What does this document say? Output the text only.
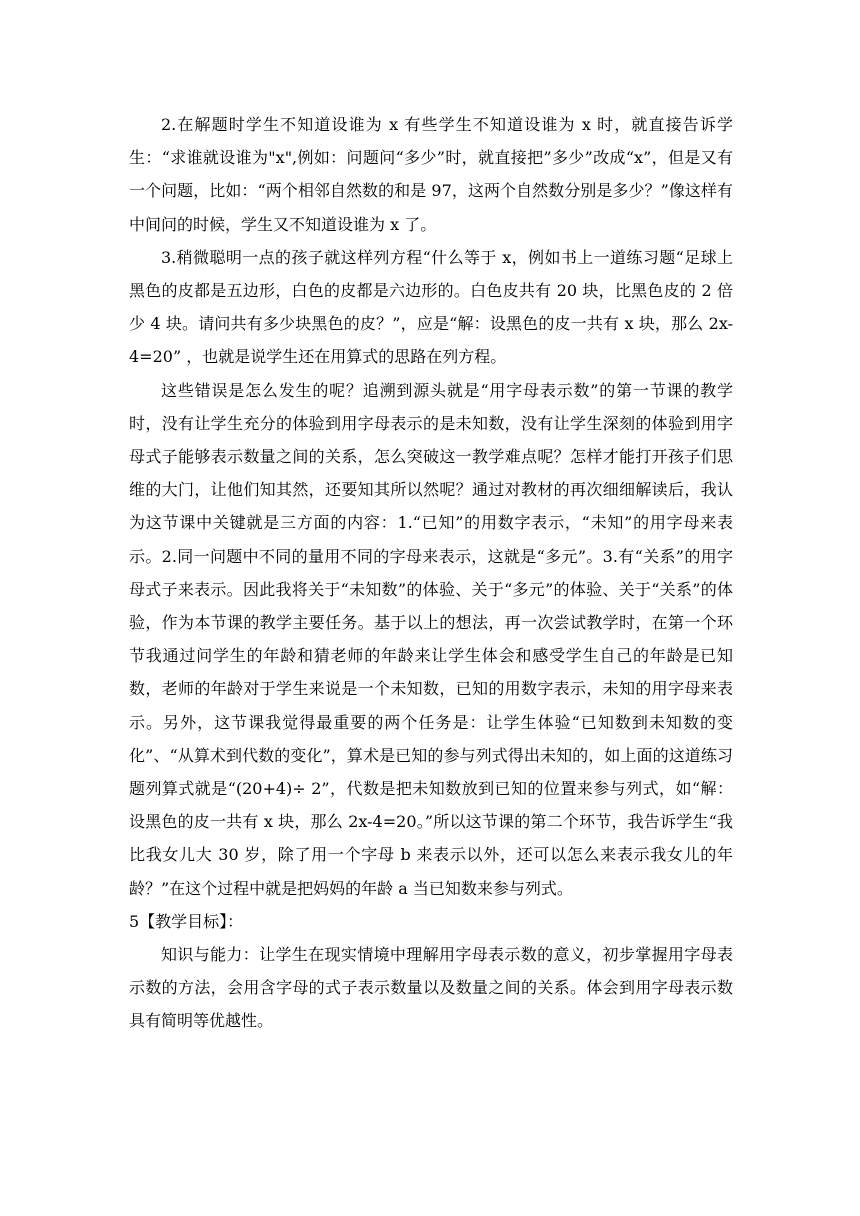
2.在解题时学生不知道设谁为 x 有些学生不知道设谁为 x 时，就直接告诉学生：“求谁就设谁为"x",例如：问题问“多少”时，就直接把”多少”改成“x”，但是又有一个问题，比如：“两个相邻自然数的和是 97，这两个自然数分别是多少？”像这样有中间问的时候，学生又不知道设谁为 x 了。

3.稍微聪明一点的孩子就这样列方程“什么等于 x，例如书上一道练习题“足球上黑色的皮都是五边形，白色的皮都是六边形的。白色皮共有 20 块，比黑色皮的 2 倍少 4 块。请问共有多少块黑色的皮？”，应是“解：设黑色的皮一共有 x 块，那么 2x-4=20” ，也就是说学生还在用算式的思路在列方程。

这些错误是怎么发生的呢？追溯到源头就是“用字母表示数”的第一节课的教学时，没有让学生充分的体验到用字母表示的是未知数，没有让学生深刻的体验到用字母式子能够表示数量之间的关系，怎么突破这一教学难点呢？怎样才能打开孩子们思维的大门，让他们知其然，还要知其所以然呢？通过对教材的再次细细解读后，我认为这节课中关键就是三方面的内容：1.“已知”的用数字表示，“未知”的用字母来表示。2.同一问题中不同的量用不同的字母来表示，这就是“多元”。3.有“关系”的用字母式子来表示。因此我将关于“未知数”的体验、关于“多元”的体验、关于“关系”的体验，作为本节课的教学主要任务。基于以上的想法，再一次尝试教学时，在第一个环节我通过问学生的年龄和猜老师的年龄来让学生体会和感受学生自己的年龄是已知数，老师的年龄对于学生来说是一个未知数，已知的用数字表示，未知的用字母来表示。另外，这节课我觉得最重要的两个任务是：让学生体验“已知数到未知数的变化”、“从算术到代数的变化”，算术是已知的参与列式得出未知的，如上面的这道练习题列算式就是“(20+4)÷ 2”，代数是把未知数放到已知的位置来参与列式，如“解：设黑色的皮一共有 x 块，那么 2x-4=20。”所以这节课的第二个环节，我告诉学生“我比我女儿大 30 岁，除了用一个字母 b 来表示以外，还可以怎么来表示我女儿的年龄？”在这个过程中就是把妈妈的年龄 a 当已知数来参与列式。

5【教学目标】：

知识与能力：让学生在现实情境中理解用字母表示数的意义，初步掌握用字母表示数的方法，会用含字母的式子表示数量以及数量之间的关系。体会到用字母表示数具有简明等优越性。
